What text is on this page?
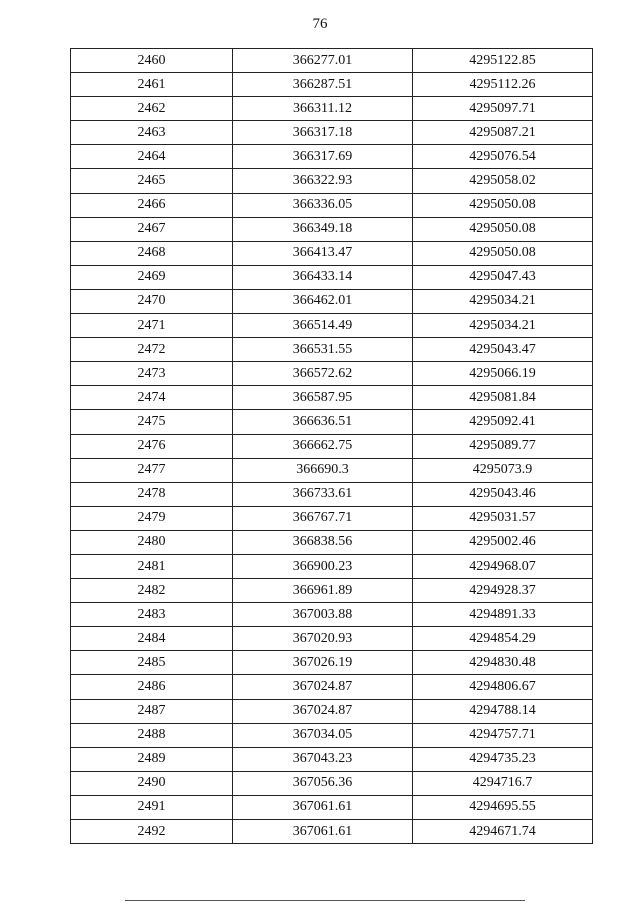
76
2460	366277.01	4295122.85
2461	366287.51	4295112.26
2462	366311.12	4295097.71
2463	366317.18	4295087.21
2464	366317.69	4295076.54
2465	366322.93	4295058.02
2466	366336.05	4295050.08
2467	366349.18	4295050.08
2468	366413.47	4295050.08
2469	366433.14	4295047.43
2470	366462.01	4295034.21
2471	366514.49	4295034.21
2472	366531.55	4295043.47
2473	366572.62	4295066.19
2474	366587.95	4295081.84
2475	366636.51	4295092.41
2476	366662.75	4295089.77
2477	366690.3	4295073.9
2478	366733.61	4295043.46
2479	366767.71	4295031.57
2480	366838.56	4295002.46
2481	366900.23	4294968.07
2482	366961.89	4294928.37
2483	367003.88	4294891.33
2484	367020.93	4294854.29
2485	367026.19	4294830.48
2486	367024.87	4294806.67
2487	367024.87	4294788.14
2488	367034.05	4294757.71
2489	367043.23	4294735.23
2490	367056.36	4294716.7
2491	367061.61	4294695.55
2492	367061.61	4294671.74
